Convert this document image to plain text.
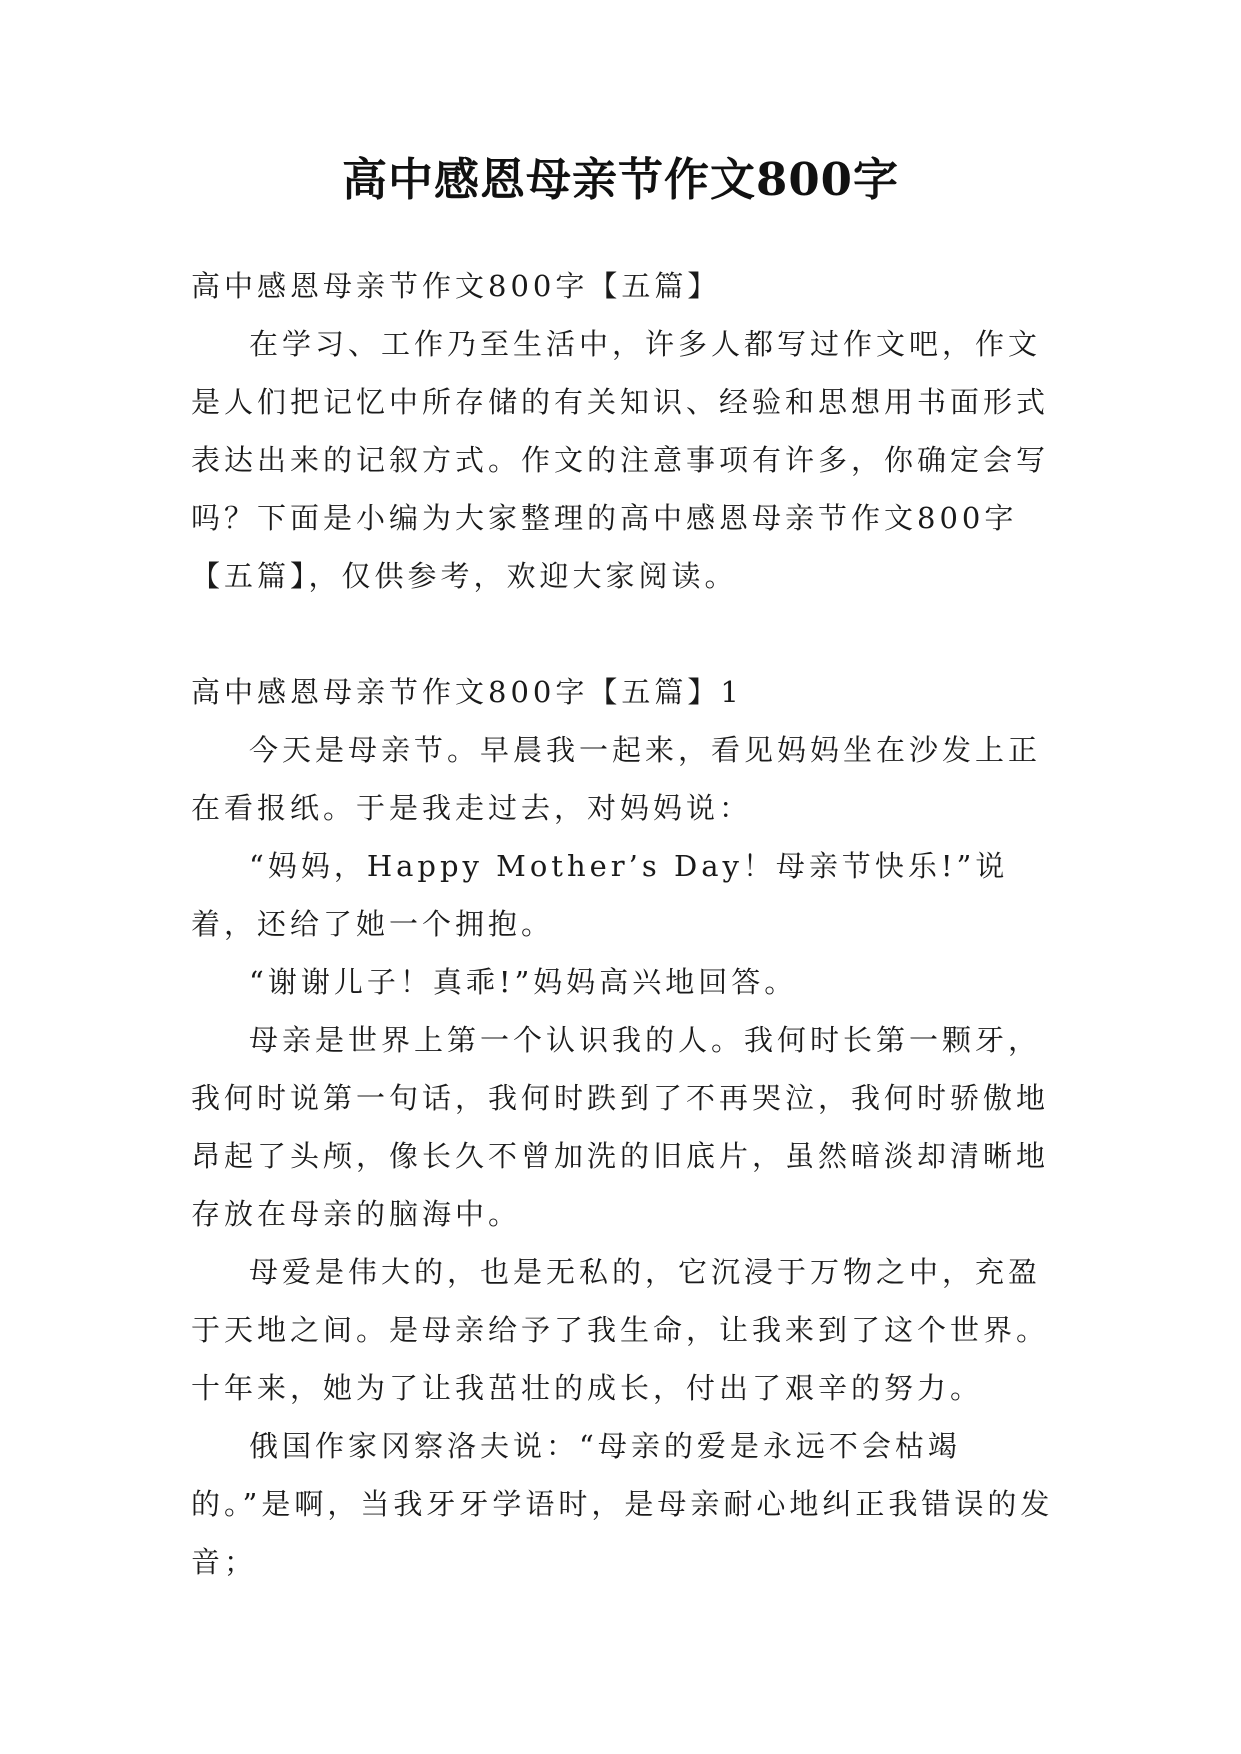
高中感恩母亲节作文800字

高中感恩母亲节作文800字【五篇】

在学习、工作乃至生活中，许多人都写过作文吧，作文是人们把记忆中所存储的有关知识、经验和思想用书面形式表达出来的记叙方式。作文的注意事项有许多，你确定会写吗？下面是小编为大家整理的高中感恩母亲节作文800字【五篇】，仅供参考，欢迎大家阅读。

高中感恩母亲节作文800字【五篇】1

今天是母亲节。早晨我一起来，看见妈妈坐在沙发上正在看报纸。于是我走过去，对妈妈说：

“妈妈，Happy Mother’s Day！母亲节快乐!”说着，还给了她一个拥抱。

“谢谢儿子！真乖!”妈妈高兴地回答。

母亲是世界上第一个认识我的人。我何时长第一颗牙，我何时说第一句话，我何时跌到了不再哭泣，我何时骄傲地昂起了头颅，像长久不曾加洗的旧底片，虽然暗淡却清晰地存放在母亲的脑海中。

母爱是伟大的，也是无私的，它沉浸于万物之中，充盈于天地之间。是母亲给予了我生命，让我来到了这个世界。十年来，她为了让我茁壮的成长，付出了艰辛的努力。

俄国作家冈察洛夫说：“母亲的爱是永远不会枯竭的。”是啊，当我牙牙学语时，是母亲耐心地纠正我错误的发音；
